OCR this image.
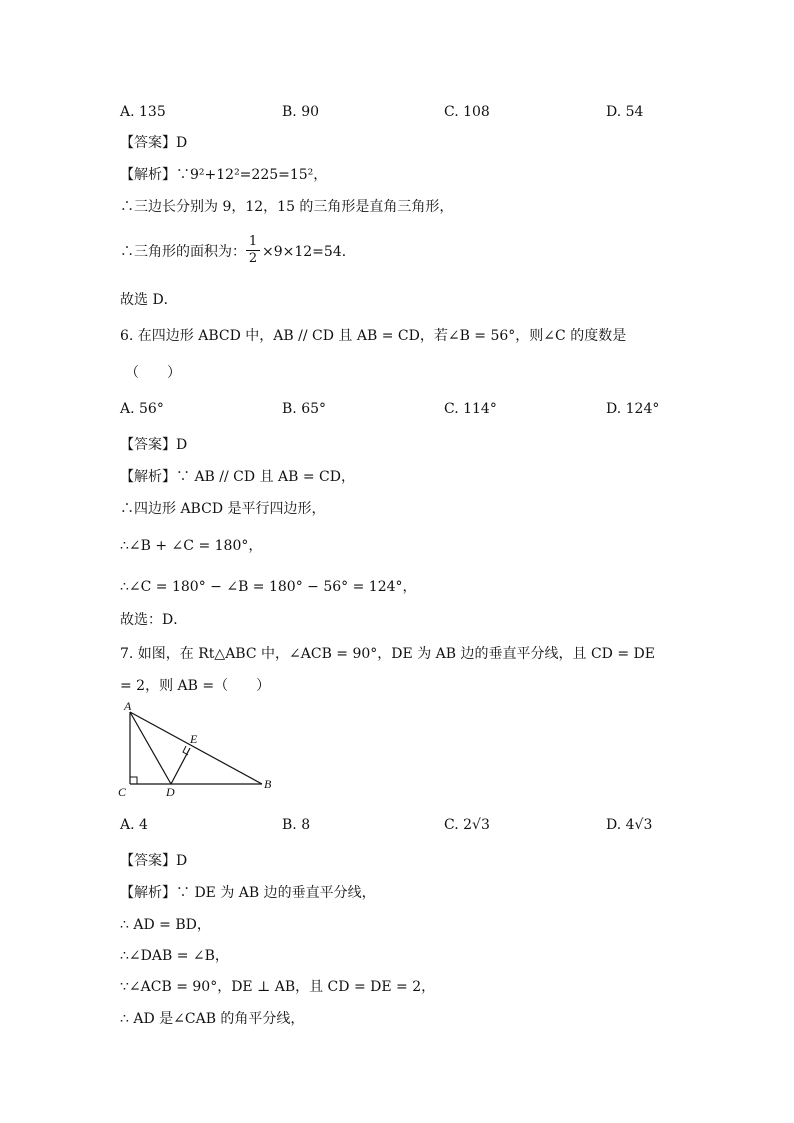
A. 135	B. 90	C. 108	D. 54
【答案】D
【解析】∵9²+12²=225=15²，
∴三边长分别为 9，12，15 的三角形是直角三角形，
∴三角形的面积为： $\frac{1}{2} \times 9\times 12=54$．
故选 D．
6. 在四边形 ABCD 中，AB // CD 且 AB = CD，若∠B = 56°，则∠C 的度数是
（　　）
A. 56°	B. 65°	C. 114°	D. 124°
【答案】D
【解析】∵ AB // CD 且 AB = CD，
∴四边形 ABCD 是平行四边形，
∴∠B + ∠C = 180°，
∴∠C = 180° − ∠B = 180° − 56° = 124°，
故选：D．
7. 如图，在 Rt△ABC 中，∠ACB = 90°，DE 为 AB 边的垂直平分线，且 CD = DE
= 2，则 AB =（　　）
A
E
C	D
B
A. 4	B. 8	C. 2√3	D. 4√3
【答案】D
【解析】∵ DE 为 AB 边的垂直平分线，
∴ AD = BD，
∴∠DAB = ∠B，
∵∠ACB = 90°，DE ⊥ AB，且 CD = DE = 2，
∴ AD 是∠CAB 的角平分线，
